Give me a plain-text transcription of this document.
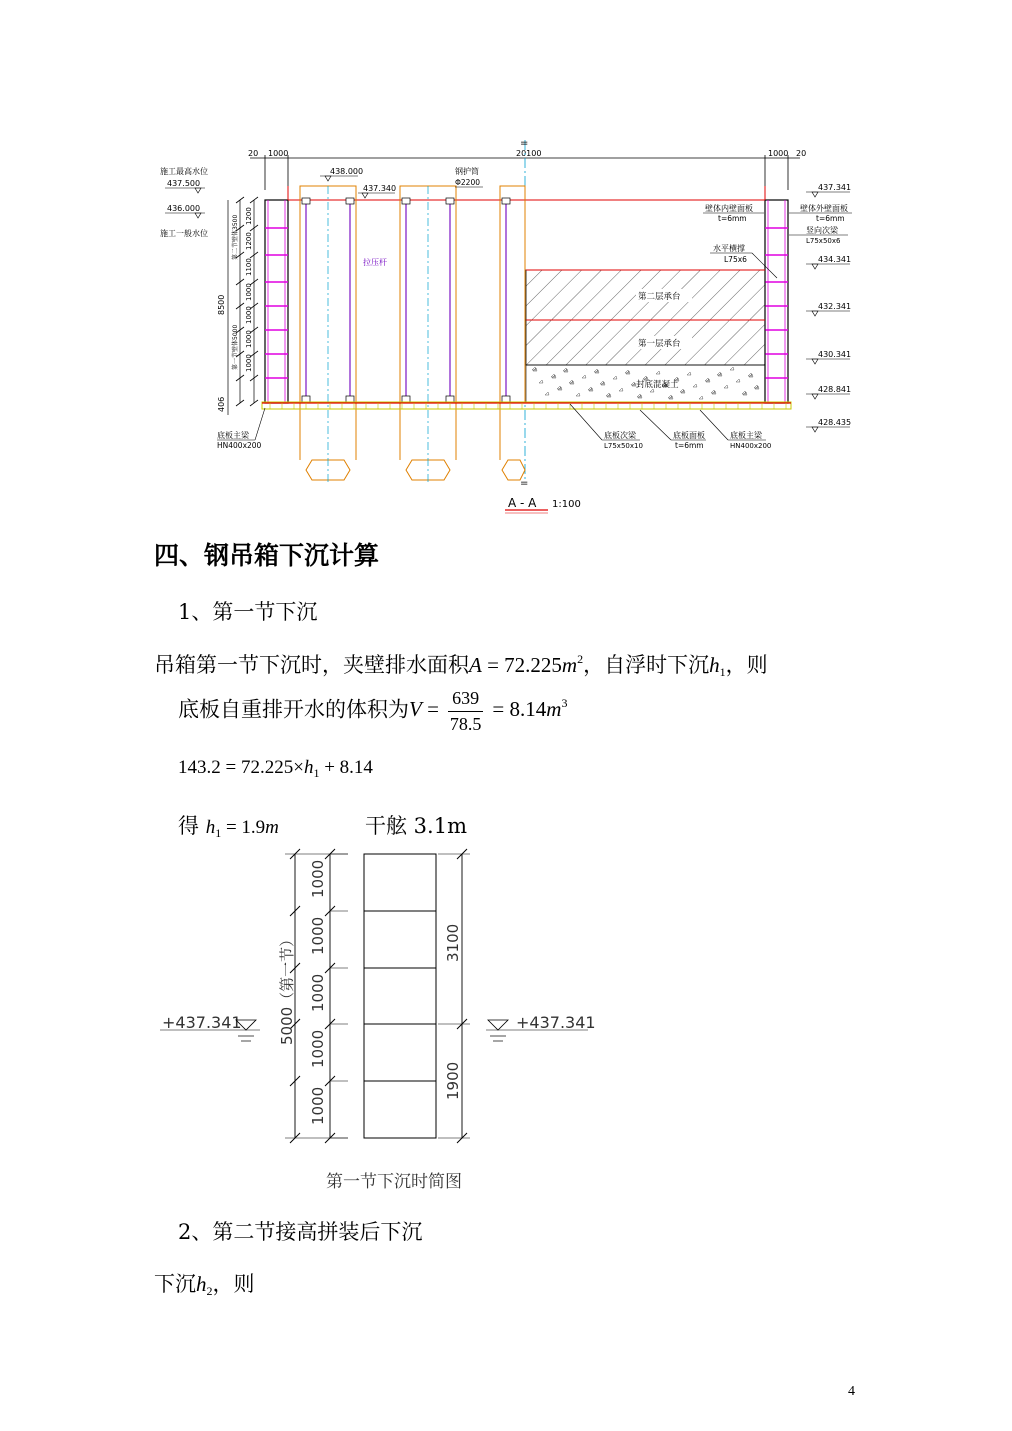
20 1000	20100	1000 20
=
=
第二层承台
第一层承台
封底混凝土
8500
406
第二节壁体3500
第一节壁体5000
1200
1200
1100
1000
1000
1000
1000
施工最高水位
437.500
436.000
施工一般水位
底板主梁
HN400x200
438.000
437.340
钢护筒
Φ2200
拉压杆
壁体内壁面板
t=6mm
壁体外壁面板
t=6mm
竖向次梁
L75x50x6
水平横撑
L75x6
437.341
434.341
432.341
430.341
428.841
428.435
底板次梁
L75x50x10
底板面板
t=6mm
底板主梁
HN400x200
A - A 1:100
四、钢吊箱下沉计算
1、第一节下沉
吊箱第一节下沉时，夹壁排水面积$A = 72.225m^2$，自浮时下沉$h_1$，则
底板自重排开水的体积为$V = \frac{639}{78.5} = 8.14m^3$
$143.2 = 72.225\times h_1 + 8.14$
得 $h_1 = 1.9m$	干舷 3.1m
5000（第一节）
1000
1000
1000
1000
1000
3100
1900
+437.341	+437.341
第一节下沉时简图
2、第二节接高拼装后下沉
下沉$h_2$，则
4
